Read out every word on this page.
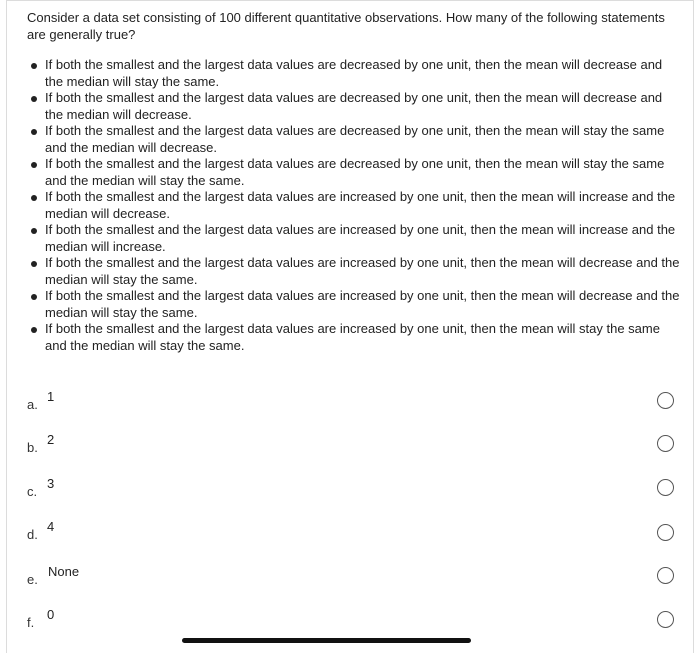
Consider a data set consisting of 100 different quantitative observations. How many of the following statements are generally true?
If both the smallest and the largest data values are decreased by one unit, then the mean will decrease and the median will stay the same.
If both the smallest and the largest data values are decreased by one unit, then the mean will decrease and the median will decrease.
If both the smallest and the largest data values are decreased by one unit, then the mean will stay the same and the median will decrease.
If both the smallest and the largest data values are decreased by one unit, then the mean will stay the same and the median will stay the same.
If both the smallest and the largest data values are increased by one unit, then the mean will increase and the median will decrease.
If both the smallest and the largest data values are increased by one unit, then the mean will increase and the median will increase.
If both the smallest and the largest data values are increased by one unit, then the mean will decrease and the median will stay the same.
If both the smallest and the largest data values are increased by one unit, then the mean will decrease and the median will stay the same.
If both the smallest and the largest data values are increased by one unit, then the mean will stay the same and the median will stay the same.
a.
1
b.
2
c.
3
d.
4
e.
None
f.
0
